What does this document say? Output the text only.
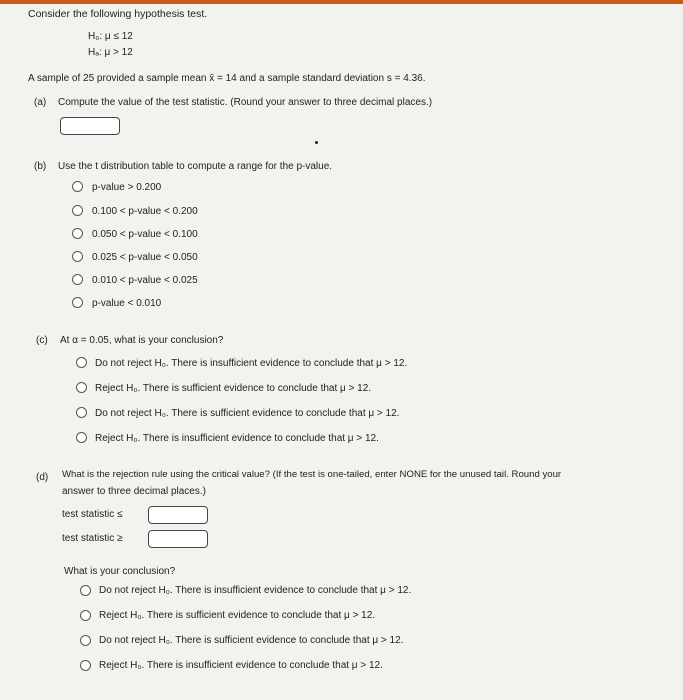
Consider the following hypothesis test.
H₀: μ ≤ 12
Hₐ: μ > 12
A sample of 25 provided a sample mean x̄ = 14 and a sample standard deviation s = 4.36.
(a) Compute the value of the test statistic. (Round your answer to three decimal places.)
(b) Use the t distribution table to compute a range for the p-value.
p-value > 0.200
0.100 < p-value < 0.200
0.050 < p-value < 0.100
0.025 < p-value < 0.050
0.010 < p-value < 0.025
p-value < 0.010
(c) At α = 0.05, what is your conclusion?
Do not reject H₀. There is insufficient evidence to conclude that μ > 12.
Reject H₀. There is sufficient evidence to conclude that μ > 12.
Do not reject H₀. There is sufficient evidence to conclude that μ > 12.
Reject H₀. There is insufficient evidence to conclude that μ > 12.
(d) What is the rejection rule using the critical value? (If the test is one-tailed, enter NONE for the unused tail. Round your
answer to three decimal places.)
test statistic ≤
test statistic ≥
What is your conclusion?
Do not reject H₀. There is insufficient evidence to conclude that μ > 12.
Reject H₀. There is sufficient evidence to conclude that μ > 12.
Do not reject H₀. There is sufficient evidence to conclude that μ > 12.
Reject H₀. There is insufficient evidence to conclude that μ > 12.
